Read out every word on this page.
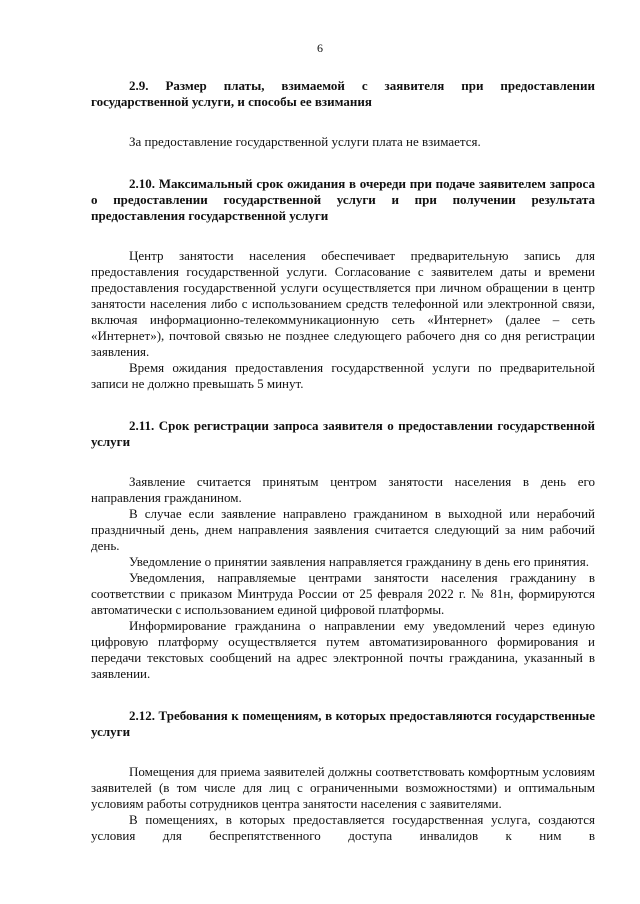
6

2.9. Размер платы, взимаемой с заявителя при предоставлении государственной услуги, и способы ее взимания

За предоставление государственной услуги плата не взимается.

2.10. Максимальный срок ожидания в очереди при подаче заявителем запроса о предоставлении государственной услуги и при получении результата предоставления государственной услуги

Центр занятости населения обеспечивает предварительную запись для предоставления государственной услуги. Согласование с заявителем даты и времени предоставления государственной услуги осуществляется при личном обращении в центр занятости населения либо с использованием средств телефонной или электронной связи, включая информационно-телекоммуникационную сеть «Интернет» (далее – сеть «Интернет»), почтовой связью не позднее следующего рабочего дня со дня регистрации заявления.

Время ожидания предоставления государственной услуги по предварительной записи не должно превышать 5 минут.

2.11. Срок регистрации запроса заявителя о предоставлении государственной услуги

Заявление считается принятым центром занятости населения в день его направления гражданином.

В случае если заявление направлено гражданином в выходной или нерабочий праздничный день, днем направления заявления считается следующий за ним рабочий день.

Уведомление о принятии заявления направляется гражданину в день его принятия.

Уведомления, направляемые центрами занятости населения гражданину в соответствии с приказом Минтруда России от 25 февраля 2022 г. № 81н, формируются автоматически с использованием единой цифровой платформы.

Информирование гражданина о направлении ему уведомлений через единую цифровую платформу осуществляется путем автоматизированного формирования и передачи текстовых сообщений на адрес электронной почты гражданина, указанный в заявлении.

2.12. Требования к помещениям, в которых предоставляются государственные услуги

Помещения для приема заявителей должны соответствовать комфортным условиям заявителей (в том числе для лиц с ограниченными возможностями) и оптимальным условиям работы сотрудников центра занятости населения с заявителями.

В помещениях, в которых предоставляется государственная услуга, создаются условия для беспрепятственного доступа инвалидов к ним в
